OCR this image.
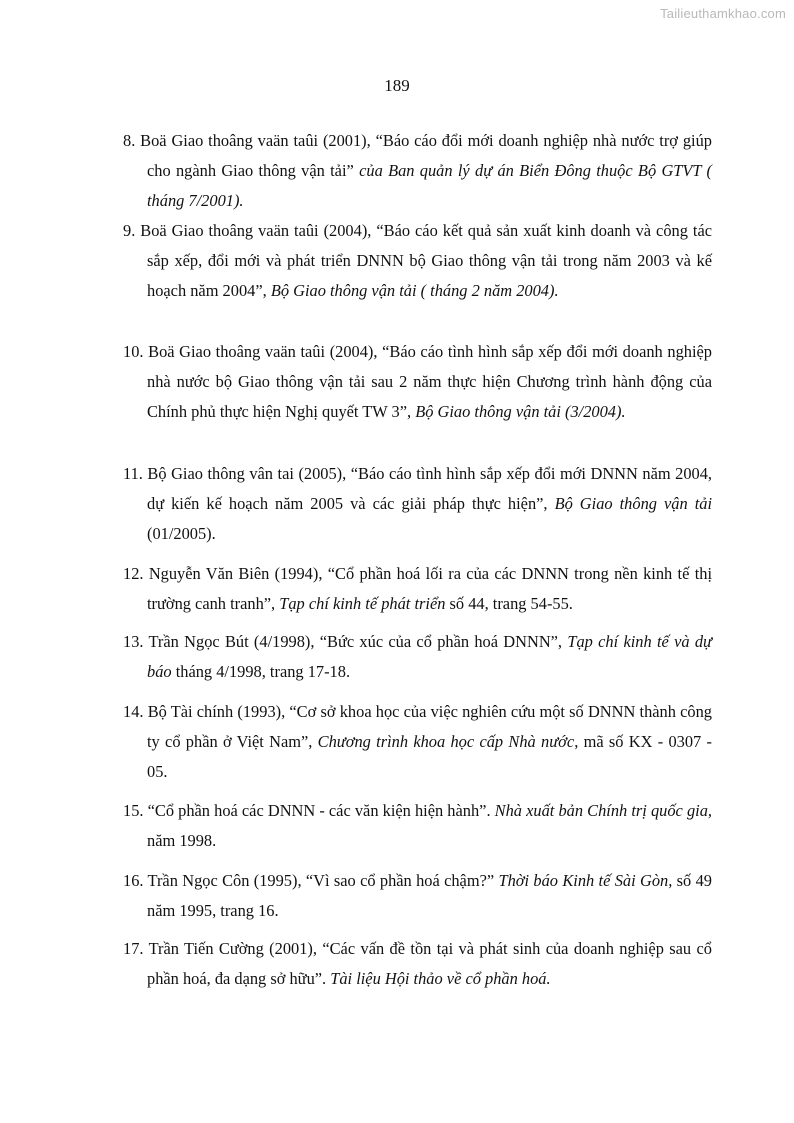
Tailieuthamkhao.com
189

8. Boä Giao thoâng vaän taûi (2001), “Báo cáo đổi mới doanh nghiệp nhà nước trợ giúp cho ngành Giao thông vận tải” của Ban quản lý dự án Biển Đông thuộc Bộ GTVT ( tháng 7/2001).

9. Boä Giao thoâng vaän taûi (2004), “Báo cáo kết quả sản xuất kinh doanh và công tác sắp xếp, đổi mới và phát triển DNNN bộ Giao thông vận tải trong năm 2003 và kế hoạch năm 2004”, Bộ Giao thông vận tải ( tháng 2 năm 2004).

10. Boä Giao thoâng vaän taûi (2004), “Báo cáo tình hình sắp xếp đổi mới doanh nghiệp nhà nước bộ Giao thông vận tải sau 2 năm thực hiện Chương trình hành động của Chính phủ thực hiện Nghị quyết TW 3”, Bộ Giao thông vận tải (3/2004).

11. Bộ Giao thông vân tai (2005), “Báo cáo tình hình sắp xếp đổi mới DNNN năm 2004, dự kiến kế hoạch năm 2005 và các giải pháp thực hiện”, Bộ Giao thông vận tải (01/2005).

12. Nguyễn Văn Biên (1994), “Cổ phần hoá lối ra của các DNNN trong nền kinh tế thị trường canh tranh”, Tạp chí kinh tế phát triển số 44, trang 54-55.

13. Trần Ngọc Bút (4/1998), “Bức xúc của cổ phần hoá DNNN”, Tạp chí kinh tế và dự báo tháng 4/1998, trang 17-18.

14. Bộ Tài chính (1993), “Cơ sở khoa học của việc nghiên cứu một số DNNN thành công ty cổ phần ở Việt Nam”, Chương trình khoa học cấp Nhà nước, mã số KX - 0307 - 05.

15. “Cổ phần hoá các DNNN - các văn kiện hiện hành”. Nhà xuất bản Chính trị quốc gia, năm 1998.

16. Trần Ngọc Côn (1995), “Vì sao cổ phần hoá chậm?” Thời báo Kinh tế Sài Gòn, số 49 năm 1995, trang 16.

17. Trần Tiến Cường (2001), “Các vấn đề tồn tại và phát sinh của doanh nghiệp sau cổ phần hoá, đa dạng sở hữu”. Tài liệu Hội thảo về cổ phần hoá.
